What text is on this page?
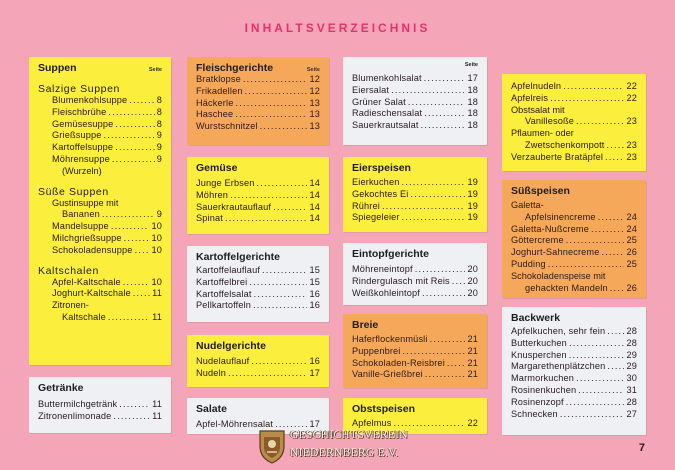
INHALTSVERZEICHNIS
Suppen	Seite
Salzige Suppen
Blumenkohlsuppe .....	8
Fleischbrühe .....	8
Gemüsesuppe .....	8
Grießsuppe .....	9
Kartoffelsuppe .....	9
Möhrensuppe .....	9
(Wurzeln)
Süße Suppen
Gustinsuppe mit
Bananen .....	9
Mandelsuppe .....	10
Milchgrießsuppe .....	10
Schokoladensuppe ..... 10
Kaltschalen
Apfel-Kaltschale .....	10
Joghurt-Kaltschale ..... 11
Zitronen-
Kaltschale .....	11
Getränke
Buttermilchgetränk .....	11
Zitronenlimonade .....	11
Fleischgerichte	Seite
Bratklopse .....	12
Frikadellen .....	12
Häckerle .....	13
Haschee .....	13
Wurstschnitzel .....	13
Gemüse
Junge Erbsen .....	14
Möhren .....	14
Sauerkrautauflauf .....	14
Spinat .....	14
Kartoffelgerichte
Kartoffelauflauf .....	15
Kartoffelbrei .....	15
Kartoffelsalat .....	16
Pellkartoffeln .....	16
Nudelgerichte
Nudelauflauf .....	16
Nudeln .....	17
Salate
Apfel-Möhrensalat .....	17
Seite
Blumenkohlsalat .....	17
Eiersalat .....	18
Grüner Salat .....	18
Radieschensalat .....	18
Sauerkrautsalat .....	18
Eierspeisen
Eierkuchen .....	19
Gekochtes Ei .....	19
Rührei .....	19
Spiegeleier .....	19
Eintopfgerichte
Möhreneintopf .....	20
Rindergulasch mit Reis ..... 20
Weißkohleintopf .....	20
Breie
Haferflockenmüsli .....	21
Puppenbrei .....	21
Schokoladen-Reisbrei ..... 21
Vanille-Grießbrei .....	21
Obstspeisen
Apfelmus .....	22
Apfelnudeln .....	22
Apfelreis .....	22
Obstsalat mit
Vanillesoße .....	23
Pflaumen- oder
Zwetschenkompott ..... 23
Verzauberte Bratäpfel .....	23
Süßspeisen
Galetta-
Apfelsinencreme .....	24
Galetta-Nußcreme .....	24
Göttercreme .....	25
Joghurt-Sahnecreme .....	26
Pudding .....	25
Schokoladenspeise mit
gehackten Mandeln ..... 26
Backwerk
Apfelkuchen, sehr fein ..... 28
Butterkuchen .....	28
Knusperchen .....	29
Margarethenplätzchen ..... 29
Marmorkuchen .....	30
Rosinenkuchen .....	31
Rosinenzopf .....	28
Schnecken .....	27
GESCHICHTSVEREIN
NIEDERNBERG E.V.	7
